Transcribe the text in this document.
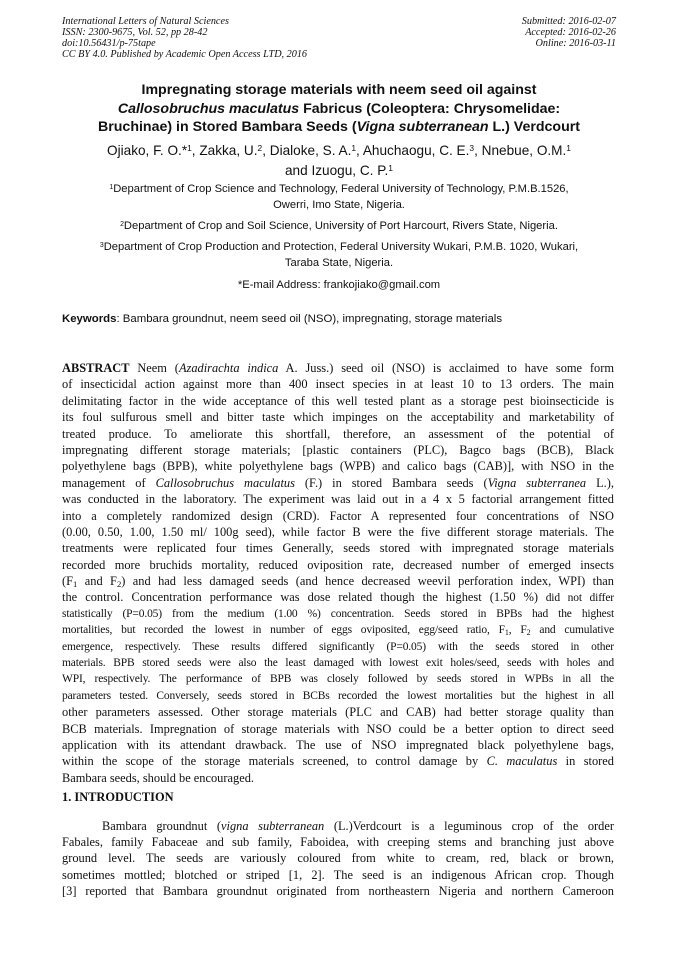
International Letters of Natural Sciences
ISSN: 2300-9675, Vol. 52, pp 28-42
doi:10.56431/p-75tape
CC BY 4.0. Published by Academic Open Access LTD, 2016
Submitted: 2016-02-07
Accepted: 2016-02-26
Online: 2016-03-11
Impregnating storage materials with neem seed oil against
Callosobruchus maculatus Fabricus (Coleoptera: Chrysomelidae:
Bruchinae) in Stored Bambara Seeds (Vigna subterranean L.) Verdcourt
Ojiako, F. O.*$^1$, Zakka, U.$^2$, Dialoke, S. A.$^1$, Ahuchaogu, C. E.$^3$, Nnebue, O.M.$^1$
and Izuogu, C. P.$^1$
$^1$Department of Crop Science and Technology, Federal University of Technology, P.M.B.1526,
Owerri, Imo State, Nigeria.
$^2$Department of Crop and Soil Science, University of Port Harcourt, Rivers State, Nigeria.
$^3$Department of Crop Production and Protection, Federal University Wukari, P.M.B. 1020, Wukari,
Taraba State, Nigeria.
*E-mail Address: frankojiako@gmail.com
Keywords: Bambara groundnut, neem seed oil (NSO), impregnating, storage materials
ABSTRACT Neem (Azadirachta indica A. Juss.) seed oil (NSO) is acclaimed to have some form
of insecticidal action against more than 400 insect species in at least 10 to 13 orders. The main
delimitating factor in the wide acceptance of this well tested plant as a storage pest bioinsecticide is
its foul sulfurous smell and bitter taste which impinges on the acceptability and marketability of
treated produce. To ameliorate this shortfall, therefore, an assessment of the potential of
impregnating different storage materials; [plastic containers (PLC), Bagco bags (BCB), Black
polyethylene bags (BPB), white polyethylene bags (WPB) and calico bags (CAB)], with NSO in the
management of Callosobruchus maculatus (F.) in stored Bambara seeds (Vigna subterranea L.),
was conducted in the laboratory. The experiment was laid out in a 4 x 5 factorial arrangement fitted
into a completely randomized design (CRD). Factor A represented four concentrations of NSO
(0.00, 0.50, 1.00, 1.50 ml/ 100g seed), while factor B were the five different storage materials. The
treatments were replicated four times Generally, seeds stored with impregnated storage materials
recorded more bruchids mortality, reduced oviposition rate, decreased number of emerged insects
($F_1$ and $F_2$) and had less damaged seeds (and hence decreased weevil perforation index, WPI) than
the control. Concentration performance was dose related though the highest (1.50 %) did not differ
statistically (P=0.05) from the medium (1.00 %) concentration. Seeds stored in BPBs had the highest
mortalities, but recorded the lowest in number of eggs oviposited, egg/seed ratio, $F_1$, $F_2$ and cumulative
emergence, respectively. These results differed significantly (P=0.05) with the seeds stored in other
materials. BPB stored seeds were also the least damaged with lowest exit holes/seed, seeds with holes and
WPI, respectively. The performance of BPB was closely followed by seeds stored in WPBs in all the
parameters tested. Conversely, seeds stored in BCBs recorded the lowest mortalities but the highest in all
other parameters assessed. Other storage materials (PLC and CAB) had better storage quality than
BCB materials. Impregnation of storage materials with NSO could be a better option to direct seed
application with its attendant drawback. The use of NSO impregnated black polyethylene bags,
within the scope of the storage materials screened, to control damage by C. maculatus in stored
Bambara seeds, should be encouraged.
1. INTRODUCTION
Bambara groundnut (vigna subterranean (L.)Verdcourt is a leguminous crop of the order
Fabales, family Fabaceae and sub family, Faboidea, with creeping stems and branching just above
ground level. The seeds are variously coloured from white to cream, red, black or brown,
sometimes mottled; blotched or striped [1, 2]. The seed is an indigenous African crop. Though
[3] reported that Bambara groundnut originated from northeastern Nigeria and northern Cameroon
